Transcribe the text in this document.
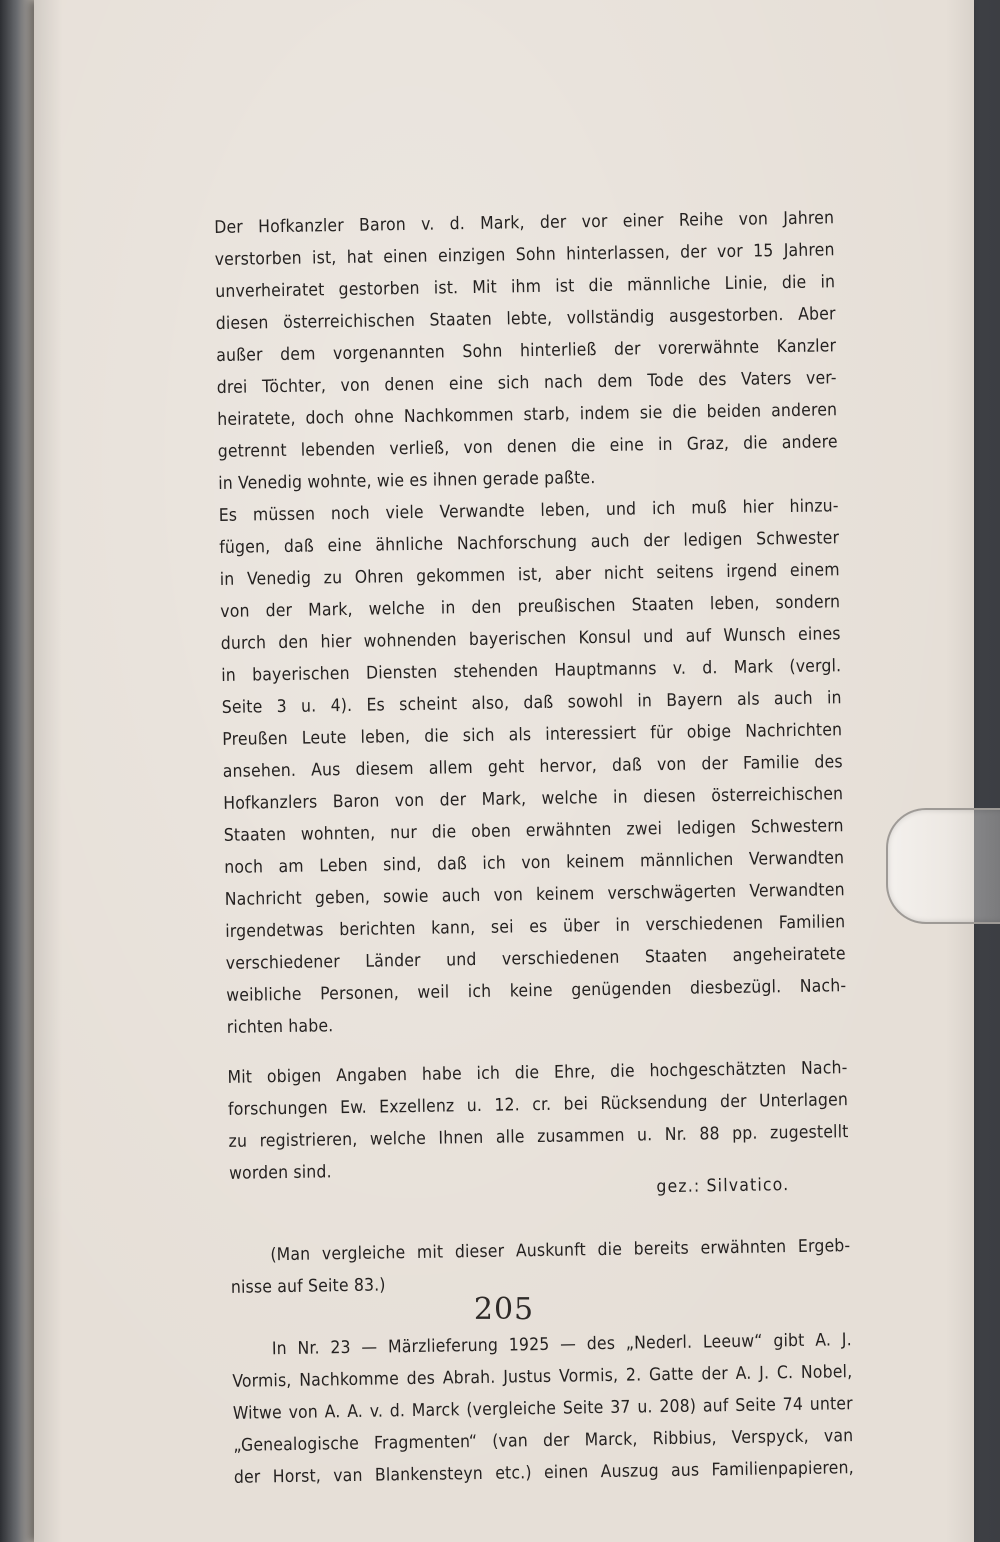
Der Hofkanzler Baron v. d. Mark, der vor einer Reihe von Jahren
verstorben ist, hat einen einzigen Sohn hinterlassen, der vor 15 Jahren
unverheiratet gestorben ist. Mit ihm ist die männliche Linie, die in
diesen österreichischen Staaten lebte, vollständig ausgestorben. Aber
außer dem vorgenannten Sohn hinterließ der vorerwähnte Kanzler
drei Töchter, von denen eine sich nach dem Tode des Vaters ver-
heiratete, doch ohne Nachkommen starb, indem sie die beiden anderen
getrennt lebenden verließ, von denen die eine in Graz, die andere
in Venedig wohnte, wie es ihnen gerade paßte.
Es müssen noch viele Verwandte leben, und ich muß hier hinzu-
fügen, daß eine ähnliche Nachforschung auch der ledigen Schwester
in Venedig zu Ohren gekommen ist, aber nicht seitens irgend einem
von der Mark, welche in den preußischen Staaten leben, sondern
durch den hier wohnenden bayerischen Konsul und auf Wunsch eines
in bayerischen Diensten stehenden Hauptmanns v. d. Mark (vergl.
Seite 3 u. 4). Es scheint also, daß sowohl in Bayern als auch in
Preußen Leute leben, die sich als interessiert für obige Nachrichten
ansehen. Aus diesem allem geht hervor, daß von der Familie des
Hofkanzlers Baron von der Mark, welche in diesen österreichischen
Staaten wohnten, nur die oben erwähnten zwei ledigen Schwestern
noch am Leben sind, daß ich von keinem männlichen Verwandten
Nachricht geben, sowie auch von keinem verschwägerten Verwandten
irgendetwas berichten kann, sei es über in verschiedenen Familien
verschiedener Länder und verschiedenen Staaten angeheiratete
weibliche Personen, weil ich keine genügenden diesbezügl. Nach-
richten habe.
Mit obigen Angaben habe ich die Ehre, die hochgeschätzten Nach-
forschungen Ew. Exzellenz u. 12. cr. bei Rücksendung der Unterlagen
zu registrieren, welche Ihnen alle zusammen u. Nr. 88 pp. zugestellt
worden sind.
gez.: Silvatico.
(Man vergleiche mit dieser Auskunft die bereits erwähnten Ergeb-
nisse auf Seite 83.)
In Nr. 23 — Märzlieferung 1925 — des „Nederl. Leeuw“ gibt A. J.
Vormis, Nachkomme des Abrah. Justus Vormis, 2. Gatte der A. J. C. Nobel,
Witwe von A. A. v. d. Marck (vergleiche Seite 37 u. 208) auf Seite 74 unter
„Genealogische Fragmenten“ (van der Marck, Ribbius, Verspyck, van
der Horst, van Blankensteyn etc.) einen Auszug aus Familienpapieren,
205
